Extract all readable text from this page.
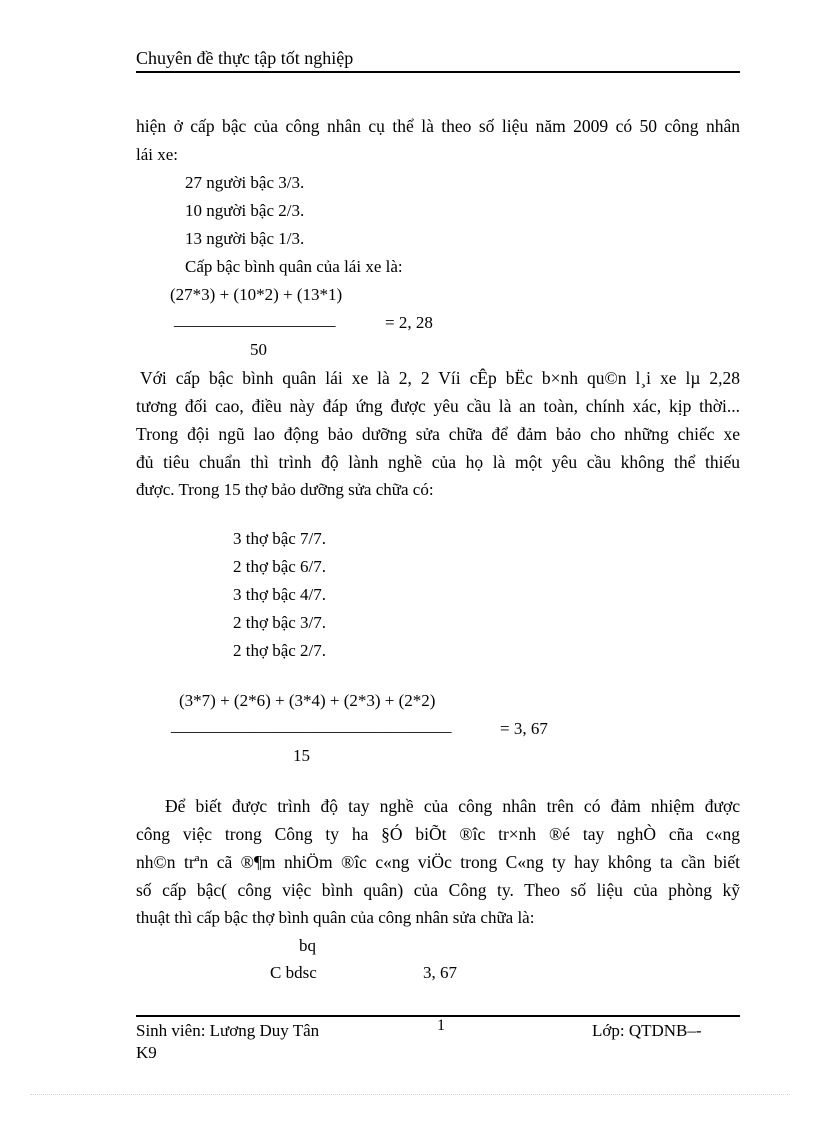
Chuyên đề thực tập tốt nghiệp
hiện ở cấp bậc của công nhân cụ thể là theo số liệu năm 2009 có 50 công nhân
lái xe:
27 người bậc 3/3.
10 người bậc 2/3.
13 người bậc 1/3.
Cấp bậc bình quân của lái xe là:
(27*3) + (10*2) + (13*1)
___________________	= 2, 28
50
Với cấp bậc bình quân lái xe là 2, 2 Víi cÊp bËc b×nh qu©n l¸i xe lµ 2,28
tương đối cao, điều này đáp ứng được yêu cầu là an toàn, chính xác, kịp thời...
Trong đội ngũ lao động bảo dưỡng sửa chữa để đảm bảo cho những chiếc xe
đủ tiêu chuẩn thì trình độ lành nghề của họ là một yêu cầu không thể thiếu
được. Trong 15 thợ bảo dưỡng sửa chữa có:
3 thợ bậc 7/7.
2 thợ bậc 6/7.
3 thợ bậc 4/7.
2 thợ bậc 3/7.
2 thợ bậc 2/7.
(3*7) + (2*6) + (3*4) + (2*3) + (2*2)
_________________________________	= 3, 67
15
Để biết được trình độ tay nghề của công nhân trên có đảm nhiệm được
công việc trong Công ty ha §Ó biÕt ®îc tr×nh ®é tay nghÒ cña c«ng
nh©n trªn cã ®¶m nhiÖm ®îc c«ng viÖc trong C«ng ty hay không ta cần biết
số cấp bậc( công việc bình quân) của Công ty. Theo số liệu của phòng kỹ
thuật thì cấp bậc thợ bình quân của công nhân sửa chữa là:
bq
C bdsc	3, 67
Sinh viên: Lương Duy Tân	1	Lớp: QTDNB–-
K9
